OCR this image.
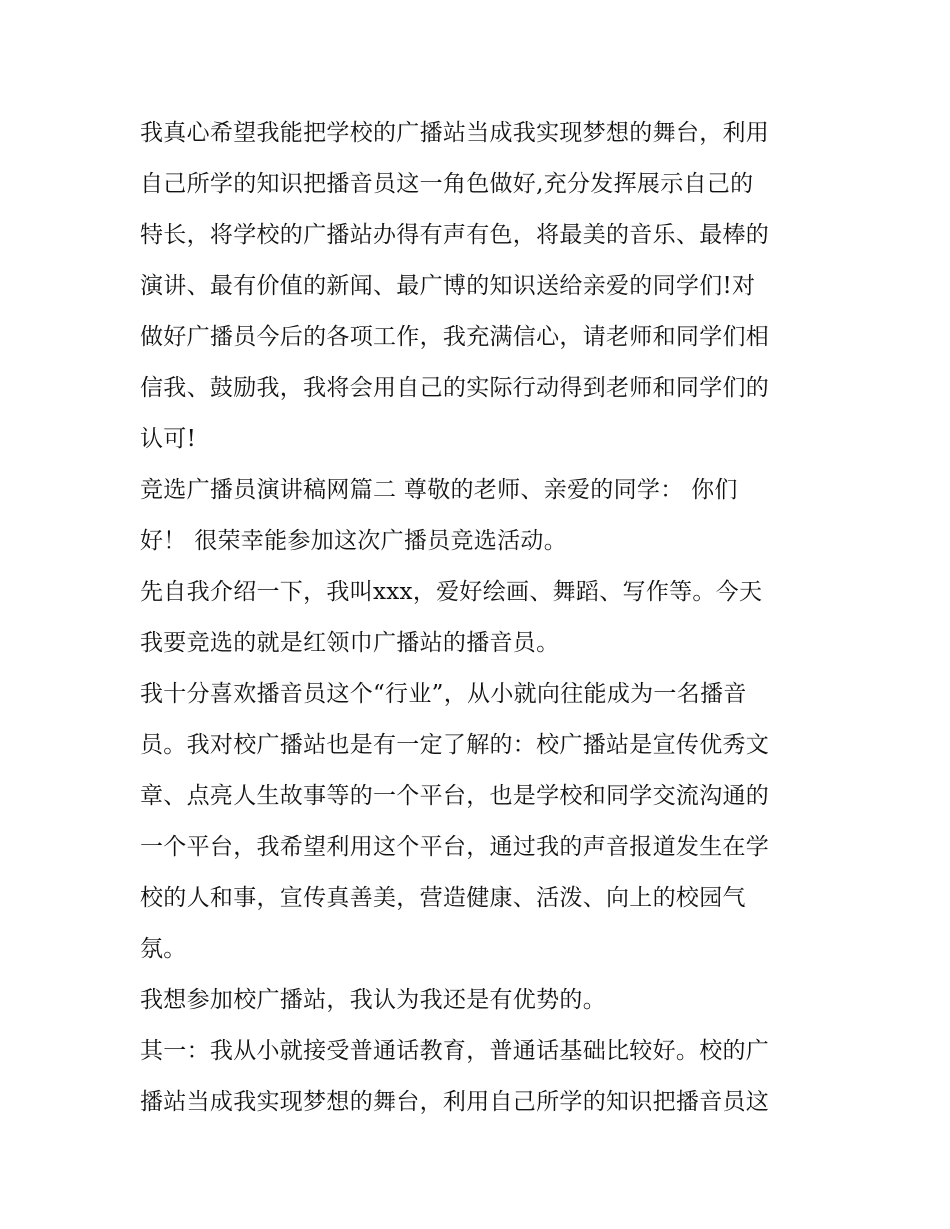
我真心希望我能把学校的广播站当成我实现梦想的舞台，利用
自己所学的知识把播音员这一角色做好,充分发挥展示自己的
特长，将学校的广播站办得有声有色，将最美的音乐、最棒的
演讲、最有价值的新闻、最广博的知识送给亲爱的同学们!对
做好广播员今后的各项工作，我充满信心，请老师和同学们相
信我、鼓励我，我将会用自己的实际行动得到老师和同学们的
认可!
竞选广播员演讲稿网篇二 尊敬的老师、亲爱的同学： 你们
好！ 很荣幸能参加这次广播员竞选活动。
先自我介绍一下，我叫xxx，爱好绘画、舞蹈、写作等。今天
我要竞选的就是红领巾广播站的播音员。
我十分喜欢播音员这个“行业”，从小就向往能成为一名播音
员。我对校广播站也是有一定了解的：校广播站是宣传优秀文
章、点亮人生故事等的一个平台，也是学校和同学交流沟通的
一个平台，我希望利用这个平台，通过我的声音报道发生在学
校的人和事，宣传真善美，营造健康、活泼、向上的校园气
氛。
我想参加校广播站，我认为我还是有优势的。
其一：我从小就接受普通话教育，普通话基础比较好。校的广
播站当成我实现梦想的舞台，利用自己所学的知识把播音员这
